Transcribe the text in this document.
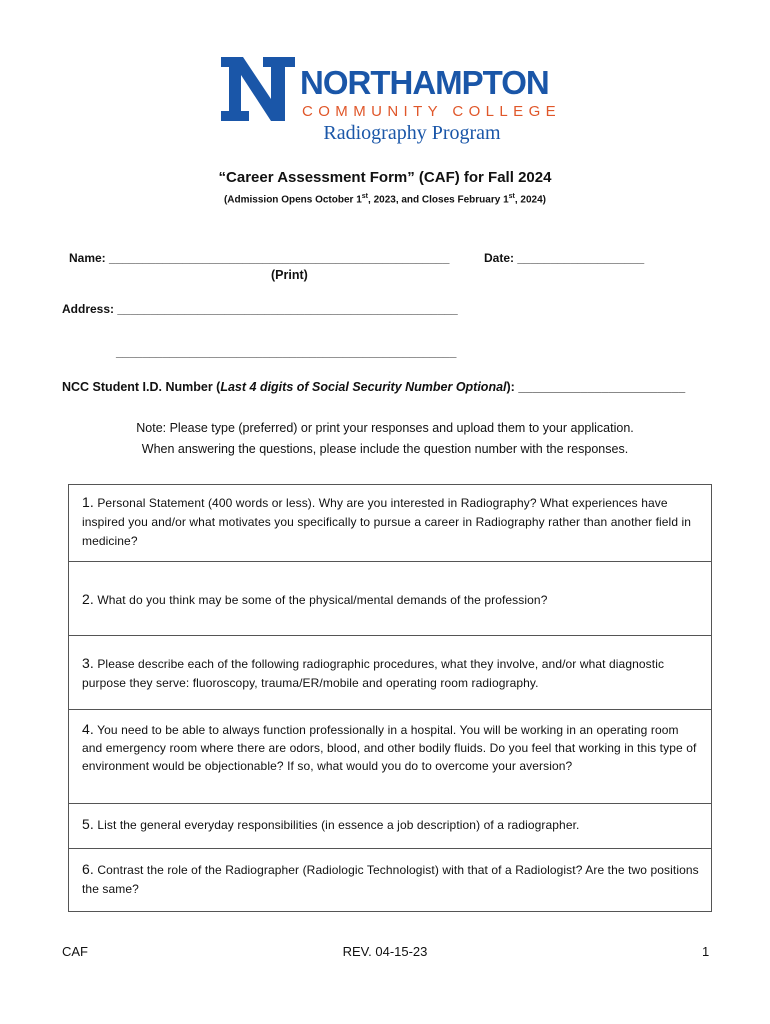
NORTHAMPTON
COMMUNITY COLLEGE
Radiography Program
“Career Assessment Form” (CAF) for Fall 2024
(Admission Opens October 1st, 2023, and Closes February 1st, 2024)
Name: ___________________________________________________
(Print)
Date: ___________________
Address: ___________________________________________________
___________________________________________________
NCC Student I.D. Number (Last 4 digits of Social Security Number Optional): ________________________
Note: Please type (preferred) or print your responses and upload them to your application.
When answering the questions, please include the question number with the responses.
1. Personal Statement (400 words or less). Why are you interested in Radiography? What experiences have inspired you and/or what motivates you specifically to pursue a career in Radiography rather than another field in medicine?
2. What do you think may be some of the physical/mental demands of the profession?
3. Please describe each of the following radiographic procedures, what they involve, and/or what diagnostic purpose they serve: fluoroscopy, trauma/ER/mobile and operating room radiography.
4. You need to be able to always function professionally in a hospital. You will be working in an operating room and emergency room where there are odors, blood, and other bodily fluids. Do you feel that working in this type of environment would be objectionable? If so, what would you do to overcome your aversion?
5. List the general everyday responsibilities (in essence a job description) of a radiographer.
6. Contrast the role of the Radiographer (Radiologic Technologist) with that of a Radiologist? Are the two positions the same?
CAF	REV. 04-15-23	1
